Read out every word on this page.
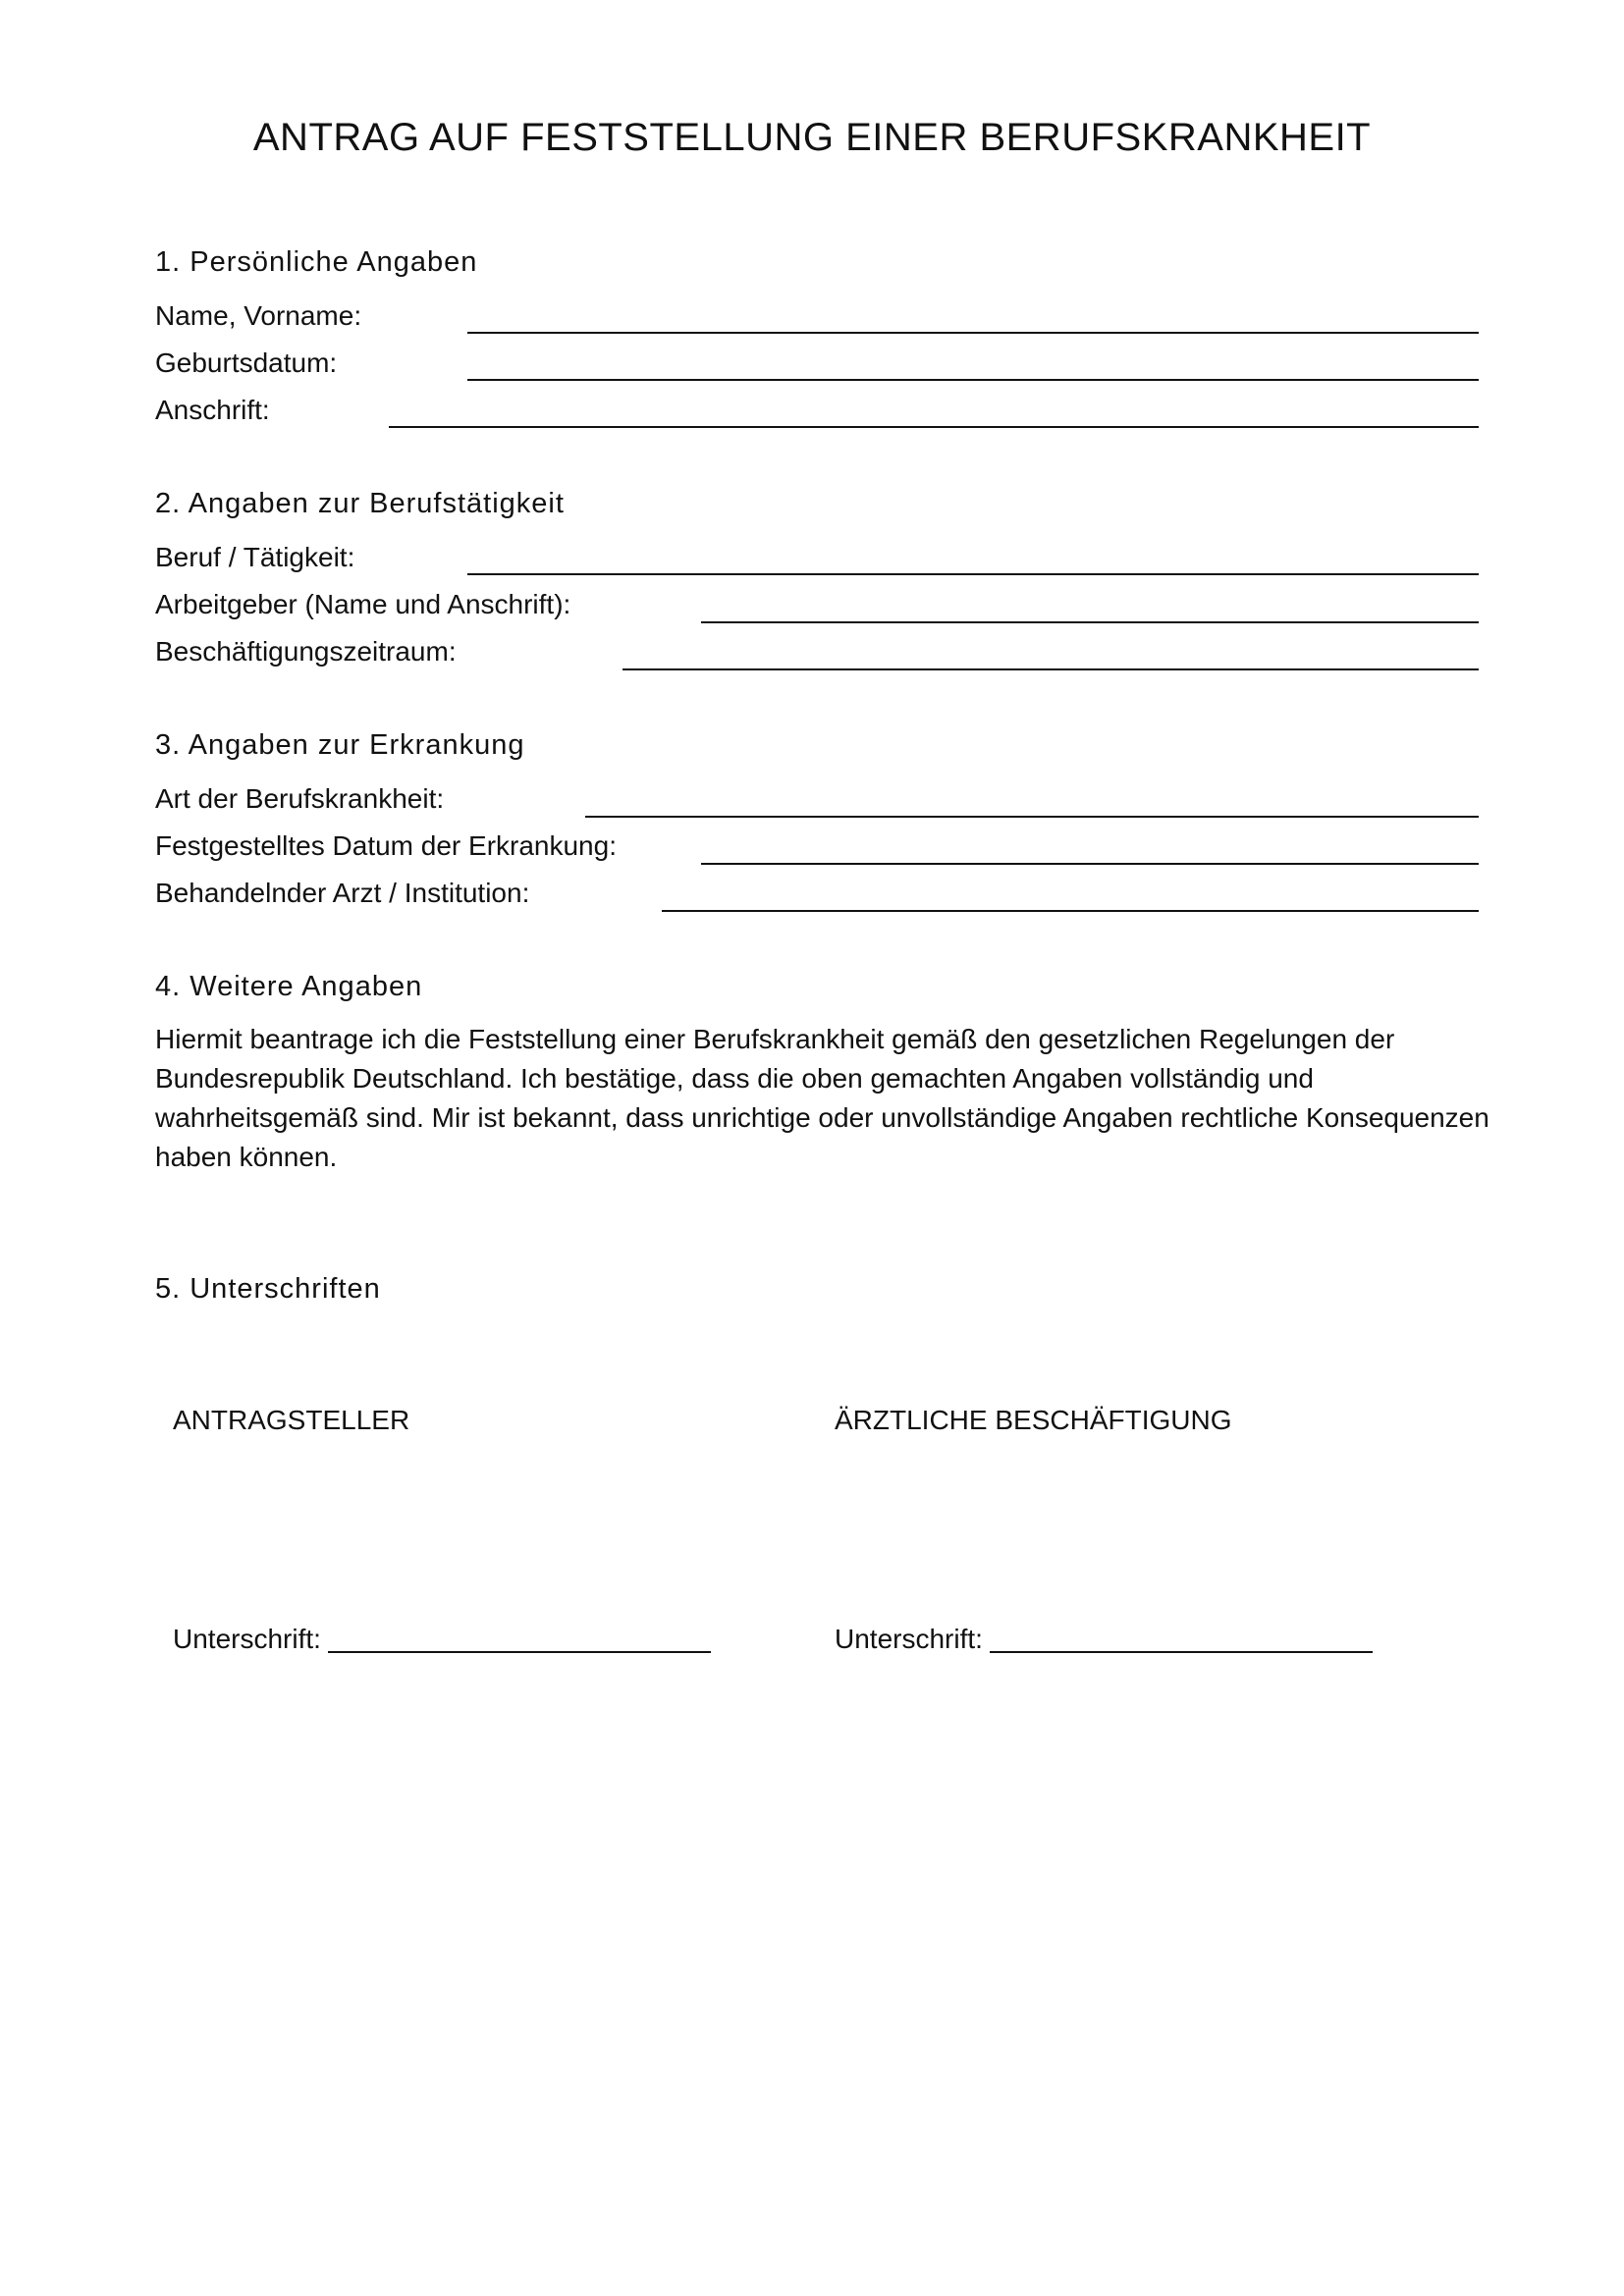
ANTRAG AUF FESTSTELLUNG EINER BERUFSKRANKHEIT
1. Persönliche Angaben
Name, Vorname:
Geburtsdatum:
Anschrift:
2. Angaben zur Berufstätigkeit
Beruf / Tätigkeit:
Arbeitgeber (Name und Anschrift):
Beschäftigungszeitraum:
3. Angaben zur Erkrankung
Art der Berufskrankheit:
Festgestelltes Datum der Erkrankung:
Behandelnder Arzt / Institution:
4. Weitere Angaben
Hiermit beantrage ich die Feststellung einer Berufskrankheit gemäß den gesetzlichen Regelungen der Bundesrepublik Deutschland. Ich bestätige, dass die oben gemachten Angaben vollständig und wahrheitsgemäß sind. Mir ist bekannt, dass unrichtige oder unvollständige Angaben rechtliche Konsequenzen haben können.
5. Unterschriften
ANTRAGSTELLER	ÄRZTLICHE BESCHÄFTIGUNG
Unterschrift:	Unterschrift:
